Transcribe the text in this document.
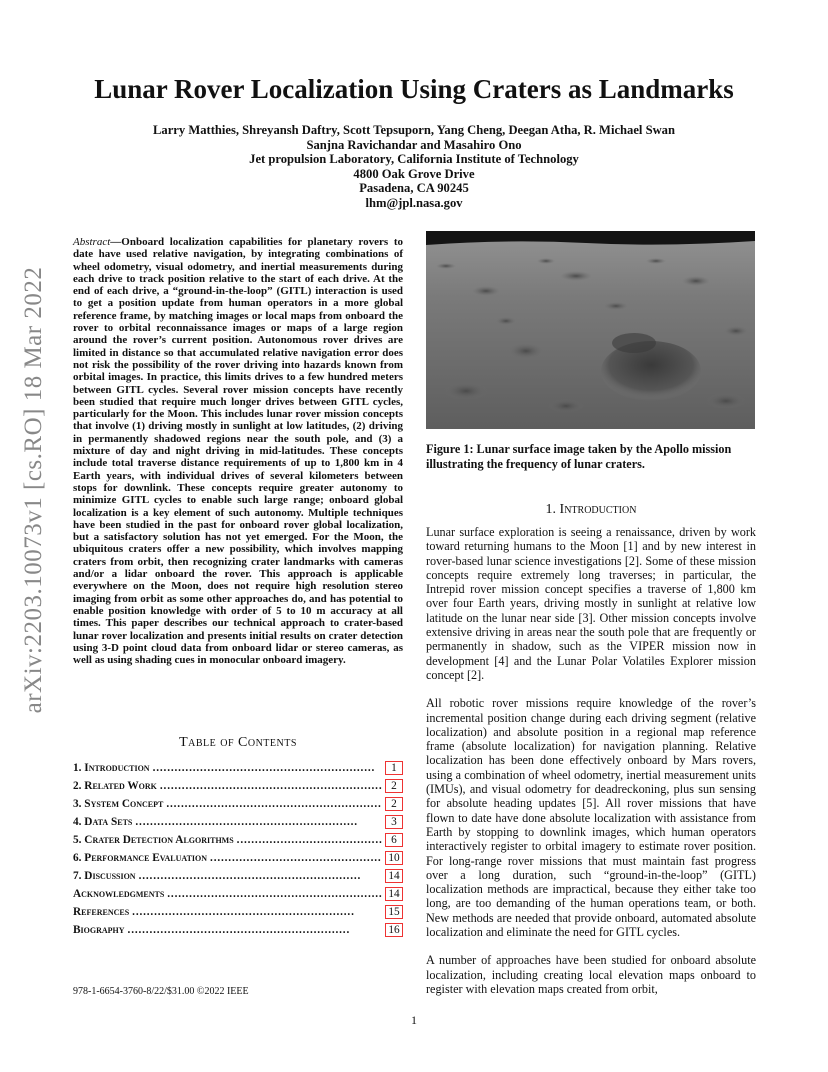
arXiv:2203.10073v1 [cs.RO] 18 Mar 2022
Lunar Rover Localization Using Craters as Landmarks
Larry Matthies, Shreyansh Daftry, Scott Tepsuporn, Yang Cheng, Deegan Atha, R. Michael Swan
Sanjna Ravichandar and Masahiro Ono
Jet propulsion Laboratory, California Institute of Technology
4800 Oak Grove Drive
Pasadena, CA 90245
lhm@jpl.nasa.gov

Abstract—Onboard localization capabilities for planetary rovers to date have used relative navigation, by integrating combinations of wheel odometry, visual odometry, and inertial measurements during each drive to track position relative to the start of each drive. At the end of each drive, a “ground-in-the-loop” (GITL) interaction is used to get a position update from human operators in a more global reference frame, by matching images or local maps from onboard the rover to orbital reconnaissance images or maps of a large region around the rover’s current position. Autonomous rover drives are limited in distance so that accumulated relative navigation error does not risk the possibility of the rover driving into hazards known from orbital images. In practice, this limits drives to a few hundred meters between GITL cycles. Several rover mission concepts have recently been studied that require much longer drives between GITL cycles, particularly for the Moon. This includes lunar rover mission concepts that involve (1) driving mostly in sunlight at low latitudes, (2) driving in permanently shadowed regions near the south pole, and (3) a mixture of day and night driving in mid-latitudes. These concepts include total traverse distance requirements of up to 1,800 km in 4 Earth years, with individual drives of several kilometers between stops for downlink. These concepts require greater autonomy to minimize GITL cycles to enable such large range; onboard global localization is a key element of such autonomy. Multiple techniques have been studied in the past for onboard rover global localization, but a satisfactory solution has not yet emerged. For the Moon, the ubiquitous craters offer a new possibility, which involves mapping craters from orbit, then recognizing crater landmarks with cameras and/or a lidar onboard the rover. This approach is applicable everywhere on the Moon, does not require high resolution stereo imaging from orbit as some other approaches do, and has potential to enable position knowledge with order of 5 to 10 m accuracy at all times. This paper describes our technical approach to crater-based lunar rover localization and presents initial results on crater detection using 3-D point cloud data from onboard lidar or stereo cameras, as well as using shading cues in monocular onboard imagery.

Table of Contents
1. Introduction . . .	1
2. Related Work . . .	2
3. System Concept . . .	2
4. Data Sets . . .	3
5. Crater Detection Algorithms . . .	6
6. Performance Evaluation . . .	10
7. Discussion . . .	14
Acknowledgments . . .	14
References . . .	15
Biography . . .	16
978-1-6654-3760-8/22/$31.00 ©2022 IEEE
1
Figure 1: Lunar surface image taken by the Apollo mission illustrating the frequency of lunar craters.
1. Introduction

Lunar surface exploration is seeing a renaissance, driven by work toward returning humans to the Moon [1] and by new interest in rover-based lunar science investigations [2]. Some of these mission concepts require extremely long traverses; in particular, the Intrepid rover mission concept specifies a traverse of 1,800 km over four Earth years, driving mostly in sunlight at relative low latitude on the lunar near side [3]. Other mission concepts involve extensive driving in areas near the south pole that are frequently or permanently in shadow, such as the VIPER mission now in development [4] and the Lunar Polar Volatiles Explorer mission concept [2].

All robotic rover missions require knowledge of the rover’s incremental position change during each driving segment (relative localization) and absolute position in a regional map reference frame (absolute localization) for navigation planning. Relative localization has been done effectively onboard by Mars rovers, using a combination of wheel odometry, inertial measurement units (IMUs), and visual odometry for deadreckoning, plus sun sensing for absolute heading updates [5]. All rover missions that have flown to date have done absolute localization with assistance from Earth by stopping to downlink images, which human operators interactively register to orbital imagery to estimate rover position. For long-range rover missions that must maintain fast progress over a long duration, such “ground-in-the-loop” (GITL) localization methods are impractical, because they either take too long, are too demanding of the human operations team, or both. New methods are needed that provide onboard, automated absolute localization and eliminate the need for GITL cycles.

A number of approaches have been studied for onboard absolute localization, including creating local elevation maps onboard to register with elevation maps created from orbit,
